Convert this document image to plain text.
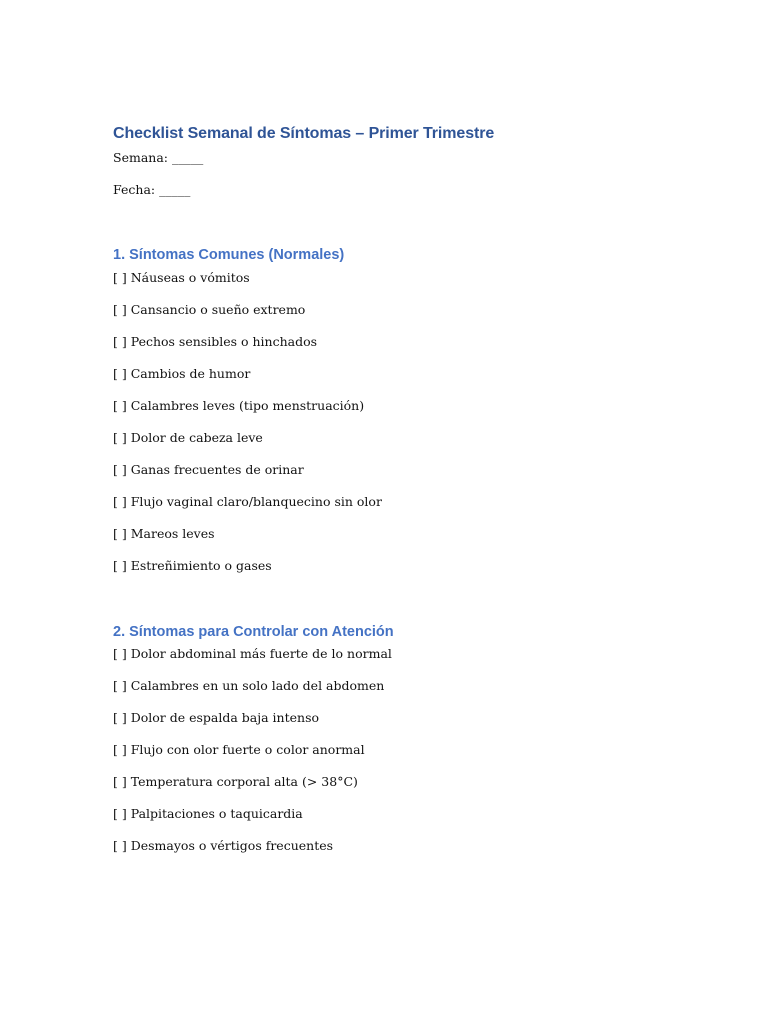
Checklist Semanal de Síntomas – Primer Trimestre

Semana: _____

Fecha: _____

1. Síntomas Comunes (Normales)

[ ] Náuseas o vómitos

[ ] Cansancio o sueño extremo

[ ] Pechos sensibles o hinchados

[ ] Cambios de humor

[ ] Calambres leves (tipo menstruación)

[ ] Dolor de cabeza leve

[ ] Ganas frecuentes de orinar

[ ] Flujo vaginal claro/blanquecino sin olor

[ ] Mareos leves

[ ] Estreñimiento o gases

2. Síntomas para Controlar con Atención

[ ] Dolor abdominal más fuerte de lo normal

[ ] Calambres en un solo lado del abdomen

[ ] Dolor de espalda baja intenso

[ ] Flujo con olor fuerte o color anormal

[ ] Temperatura corporal alta (> 38°C)

[ ] Palpitaciones o taquicardia

[ ] Desmayos o vértigos frecuentes
